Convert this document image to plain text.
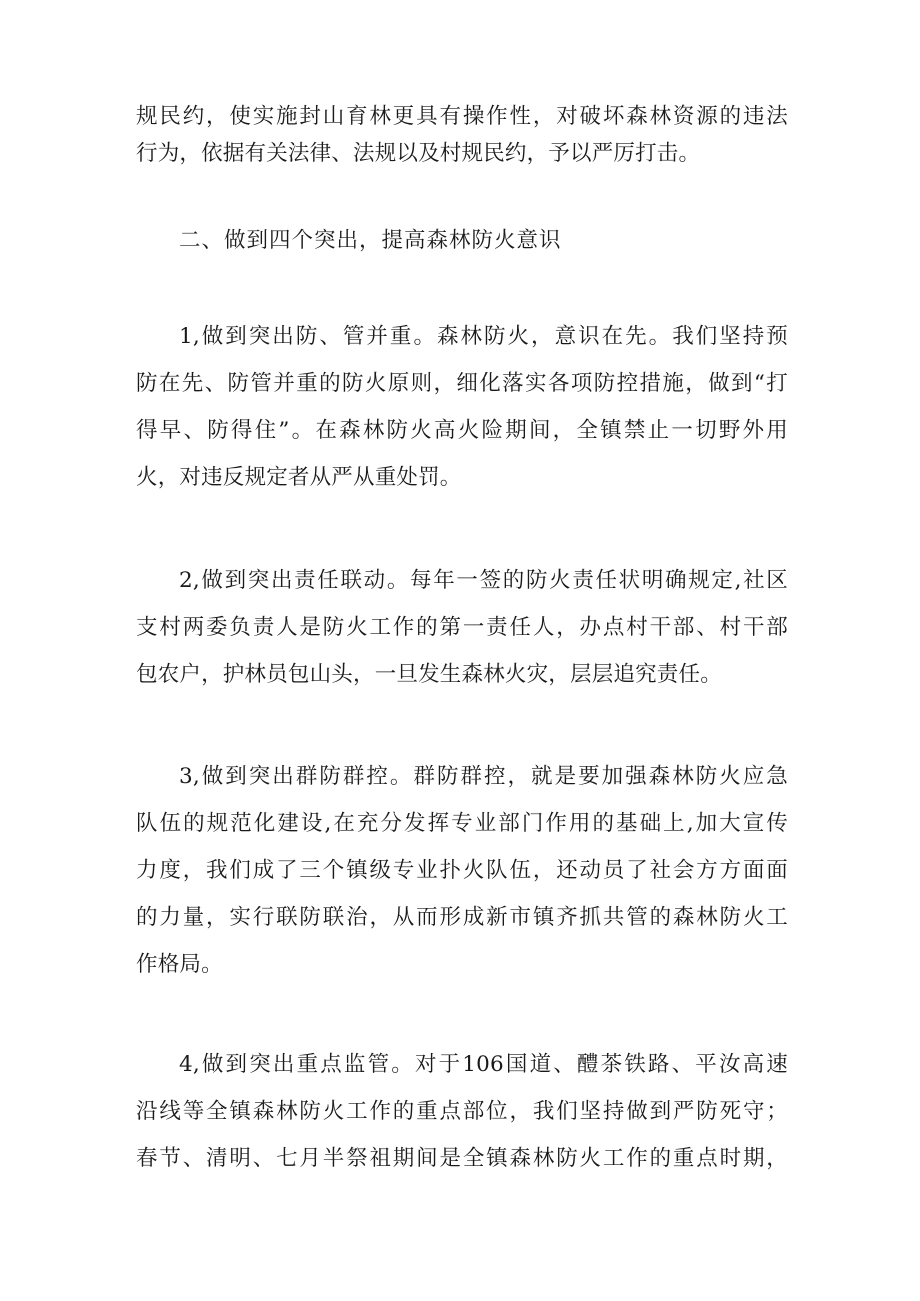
规民约，使实施封山育林更具有操作性，对破坏森林资源的违法
行为，依据有关法律、法规以及村规民约，予以严厉打击。
二、做到四个突出，提高森林防火意识
1,做到突出防、管并重。森林防火，意识在先。我们坚持预
防在先、防管并重的防火原则，细化落实各项防控措施，做到“打
得早、防得住”。在森林防火高火险期间，全镇禁止一切野外用
火，对违反规定者从严从重处罚。
2,做到突出责任联动。每年一签的防火责任状明确规定,社区
支村两委负责人是防火工作的第一责任人，办点村干部、村干部
包农户，护林员包山头，一旦发生森林火灾，层层追究责任。
3,做到突出群防群控。群防群控，就是要加强森林防火应急
队伍的规范化建设,在充分发挥专业部门作用的基础上,加大宣传
力度，我们成了三个镇级专业扑火队伍，还动员了社会方方面面
的力量，实行联防联治，从而形成新市镇齐抓共管的森林防火工
作格局。
4,做到突出重点监管。对于106国道、醴茶铁路、平汝高速
沿线等全镇森林防火工作的重点部位，我们坚持做到严防死守；
春节、清明、七月半祭祖期间是全镇森林防火工作的重点时期，
